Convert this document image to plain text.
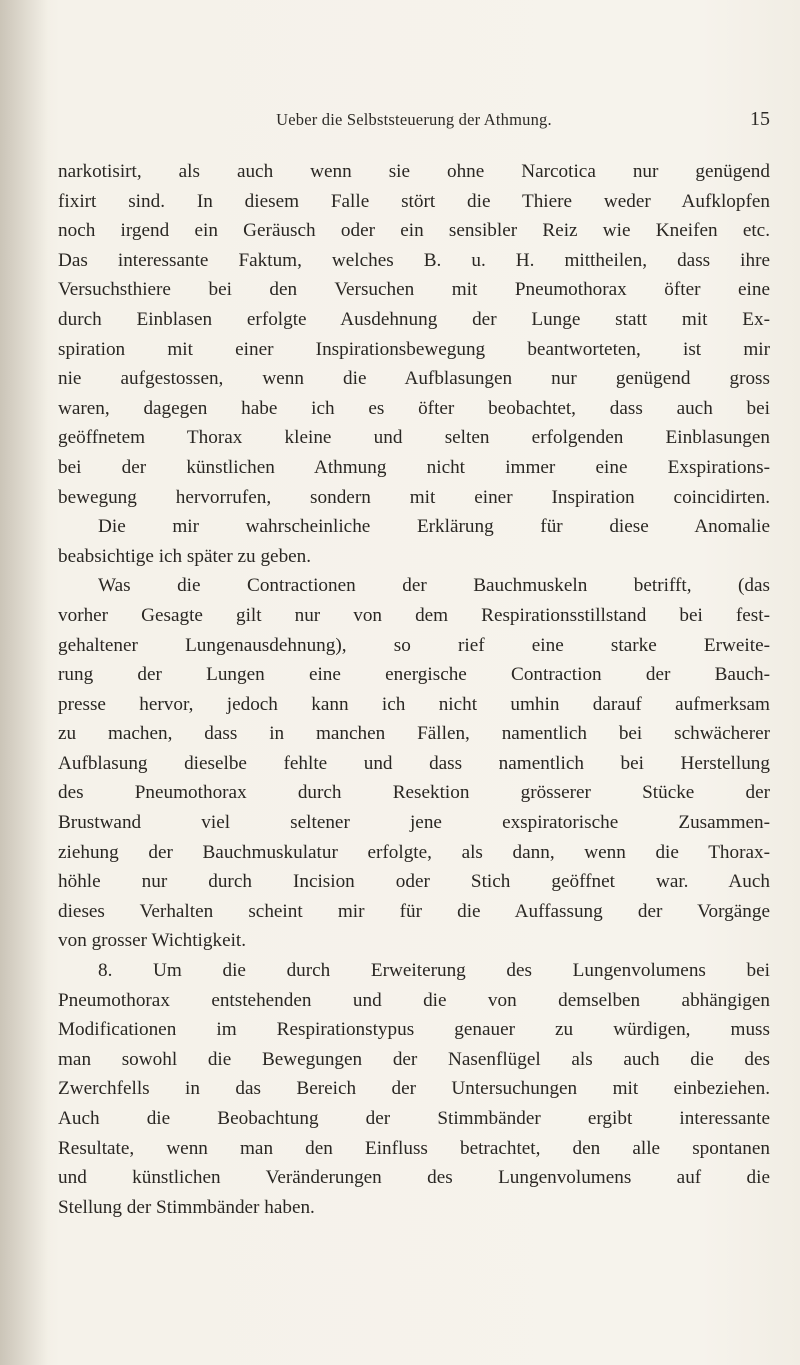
Ueber die Selbststeuerung der Athmung.	15
narkotisirt, als auch wenn sie ohne Narcotica nur genügend
fixirt sind. In diesem Falle stört die Thiere weder Aufklopfen
noch irgend ein Geräusch oder ein sensibler Reiz wie Kneifen etc.
Das interessante Faktum, welches B. u. H. mittheilen, dass ihre
Versuchsthiere bei den Versuchen mit Pneumothorax öfter eine
durch Einblasen erfolgte Ausdehnung der Lunge statt mit Ex-
spiration mit einer Inspirationsbewegung beantworteten, ist mir
nie aufgestossen, wenn die Aufblasungen nur genügend gross
waren, dagegen habe ich es öfter beobachtet, dass auch bei
geöffnetem Thorax kleine und selten erfolgenden Einblasungen
bei der künstlichen Athmung nicht immer eine Exspirations-
bewegung hervorrufen, sondern mit einer Inspiration coincidirten.
Die mir wahrscheinliche Erklärung für diese Anomalie
beabsichtige ich später zu geben.
Was die Contractionen der Bauchmuskeln betrifft, (das
vorher Gesagte gilt nur von dem Respirationsstillstand bei fest-
gehaltener Lungenausdehnung), so rief eine starke Erweite-
rung der Lungen eine energische Contraction der Bauch-
presse hervor, jedoch kann ich nicht umhin darauf aufmerksam
zu machen, dass in manchen Fällen, namentlich bei schwächerer
Aufblasung dieselbe fehlte und dass namentlich bei Herstellung
des Pneumothorax durch Resektion grösserer Stücke der
Brustwand viel seltener jene exspiratorische Zusammen-
ziehung der Bauchmuskulatur erfolgte, als dann, wenn die Thorax-
höhle nur durch Incision oder Stich geöffnet war. Auch
dieses Verhalten scheint mir für die Auffassung der Vorgänge
von grosser Wichtigkeit.
8. Um die durch Erweiterung des Lungenvolumens bei
Pneumothorax entstehenden und die von demselben abhängigen
Modificationen im Respirationstypus genauer zu würdigen, muss
man sowohl die Bewegungen der Nasenflügel als auch die des
Zwerchfells in das Bereich der Untersuchungen mit einbeziehen.
Auch die Beobachtung der Stimmbänder ergibt interessante
Resultate, wenn man den Einfluss betrachtet, den alle spontanen
und künstlichen Veränderungen des Lungenvolumens auf die
Stellung der Stimmbänder haben.
